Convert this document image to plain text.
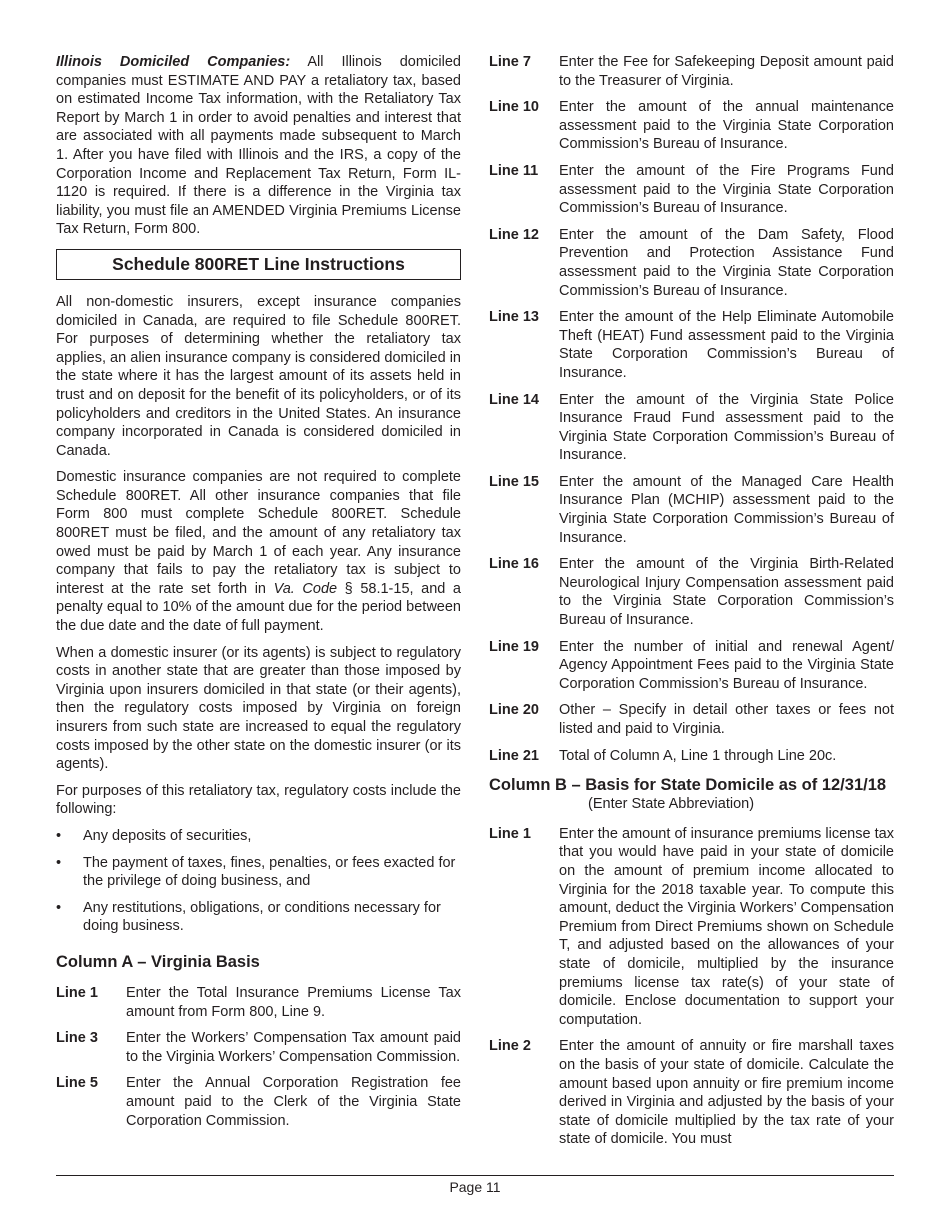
Illinois Domiciled Companies: All Illinois domiciled companies must ESTIMATE AND PAY a retaliatory tax, based on estimated Income Tax information, with the Retaliatory Tax Report by March 1 in order to avoid penalties and interest that are associated with all payments made subsequent to March 1. After you have filed with Illinois and the IRS, a copy of the Corporation Income and Replacement Tax Return, Form IL-1120 is required. If there is a difference in the Virginia tax liability, you must file an AMENDED Virginia Premiums License Tax Return, Form 800.

Schedule 800RET Line Instructions

All non-domestic insurers, except insurance companies domiciled in Canada, are required to file Schedule 800RET. For purposes of determining whether the retaliatory tax applies, an alien insurance company is considered domiciled in the state where it has the largest amount of its assets held in trust and on deposit for the benefit of its policyholders, or of its policyholders and creditors in the United States. An insurance company incorporated in Canada is considered domiciled in Canada.

Domestic insurance companies are not required to complete Schedule 800RET. All other insurance companies that file Form 800 must complete Schedule 800RET. Schedule 800RET must be filed, and the amount of any retaliatory tax owed must be paid by March 1 of each year. Any insurance company that fails to pay the retaliatory tax is subject to interest at the rate set forth in Va. Code § 58.1-15, and a penalty equal to 10% of the amount due for the period between the due date and the date of full payment.

When a domestic insurer (or its agents) is subject to regulatory costs in another state that are greater than those imposed by Virginia upon insurers domiciled in that state (or their agents), then the regulatory costs imposed by Virginia on foreign insurers from such state are increased to equal the regulatory costs imposed by the other state on the domestic insurer (or its agents).

For purposes of this retaliatory tax, regulatory costs include the following:

• Any deposits of securities,
• The payment of taxes, fines, penalties, or fees exacted for the privilege of doing business, and
• Any restitutions, obligations, or conditions necessary for doing business.
Column A – Virginia Basis
Line 1	Enter the Total Insurance Premiums License Tax amount from Form 800, Line 9.
Line 3	Enter the Workers’ Compensation Tax amount paid to the Virginia Workers’ Compensation Commission.
Line 5	Enter the Annual Corporation Registration fee amount paid to the Clerk of the Virginia State Corporation Commission.
Line 7	Enter the Fee for Safekeeping Deposit amount paid to the Treasurer of Virginia.
Line 10	Enter the amount of the annual maintenance assessment paid to the Virginia State Corporation Commission’s Bureau of Insurance.
Line 11	Enter the amount of the Fire Programs Fund assessment paid to the Virginia State Corporation Commission’s Bureau of Insurance.
Line 12	Enter the amount of the Dam Safety, Flood Prevention and Protection Assistance Fund assessment paid to the Virginia State Corporation Commission’s Bureau of Insurance.
Line 13	Enter the amount of the Help Eliminate Automobile Theft (HEAT) Fund assessment paid to the Virginia State Corporation Commission’s Bureau of Insurance.
Line 14	Enter the amount of the Virginia State Police Insurance Fraud Fund assessment paid to the Virginia State Corporation Commission’s Bureau of Insurance.
Line 15	Enter the amount of the Managed Care Health Insurance Plan (MCHIP) assessment paid to the Virginia State Corporation Commission’s Bureau of Insurance.
Line 16	Enter the amount of the Virginia Birth-Related Neurological Injury Compensation assessment paid to the Virginia State Corporation Commission’s Bureau of Insurance.
Line 19	Enter the number of initial and renewal Agent/ Agency Appointment Fees paid to the Virginia State Corporation Commission’s Bureau of Insurance.
Line 20	Other – Specify in detail other taxes or fees not listed and paid to Virginia.
Line 21	Total of Column A, Line 1 through Line 20c.
Column B – Basis for State Domicile as of 12/31/18
(Enter State Abbreviation)
Line 1	Enter the amount of insurance premiums license tax that you would have paid in your state of domicile on the amount of premium income allocated to Virginia for the 2018 taxable year. To compute this amount, deduct the Virginia Workers’ Compensation Premium from Direct Premiums shown on Schedule T, and adjusted based on the allowances of your state of domicile, multiplied by the insurance premiums license tax rate(s) of your state of domicile. Enclose documentation to support your computation.
Line 2	Enter the amount of annuity or fire marshall taxes on the basis of your state of domicile. Calculate the amount based upon annuity or fire premium income derived in Virginia and adjusted by the basis of your state of domicile multiplied by the tax rate of your state of domicile. You must
Page 11
